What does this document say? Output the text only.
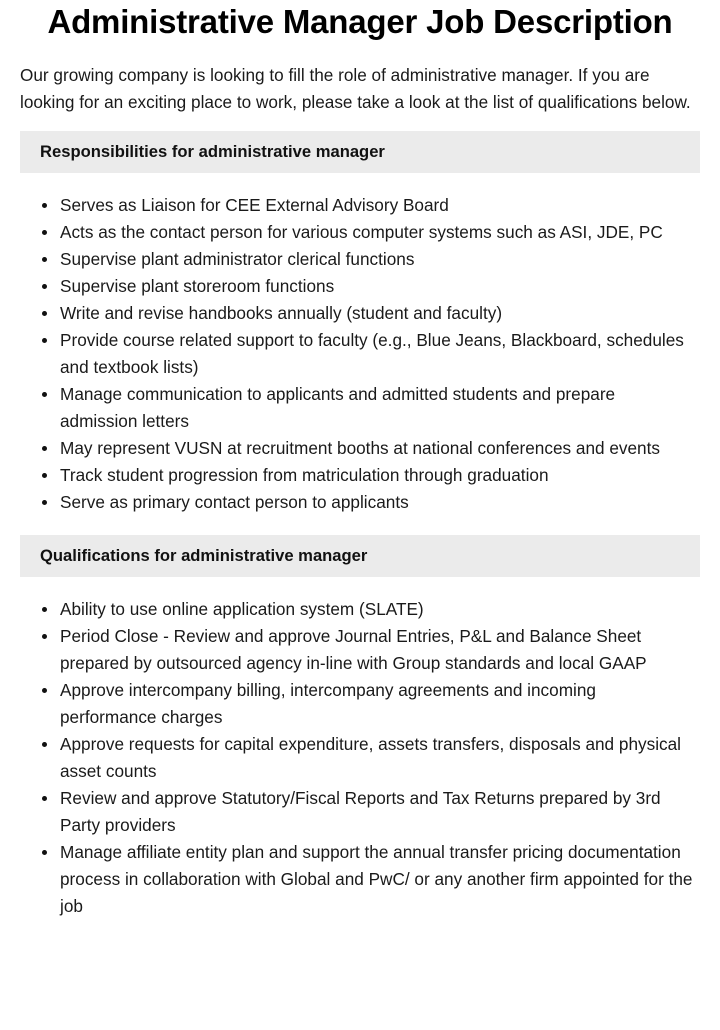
Administrative Manager Job Description

Our growing company is looking to fill the role of administrative manager. If you are looking for an exciting place to work, please take a look at the list of qualifications below.

Responsibilities for administrative manager
Serves as Liaison for CEE External Advisory Board
Acts as the contact person for various computer systems such as ASI, JDE, PC
Supervise plant administrator clerical functions
Supervise plant storeroom functions
Write and revise handbooks annually (student and faculty)
Provide course related support to faculty (e.g., Blue Jeans, Blackboard, schedules and textbook lists)
Manage communication to applicants and admitted students and prepare admission letters
May represent VUSN at recruitment booths at national conferences and events
Track student progression from matriculation through graduation
Serve as primary contact person to applicants
Qualifications for administrative manager
Ability to use online application system (SLATE)
Period Close - Review and approve Journal Entries, P&L and Balance Sheet prepared by outsourced agency in-line with Group standards and local GAAP
Approve intercompany billing, intercompany agreements and incoming performance charges
Approve requests for capital expenditure, assets transfers, disposals and physical asset counts
Review and approve Statutory/Fiscal Reports and Tax Returns prepared by 3rd Party providers
Manage affiliate entity plan and support the annual transfer pricing documentation process in collaboration with Global and PwC/ or any another firm appointed for the job
